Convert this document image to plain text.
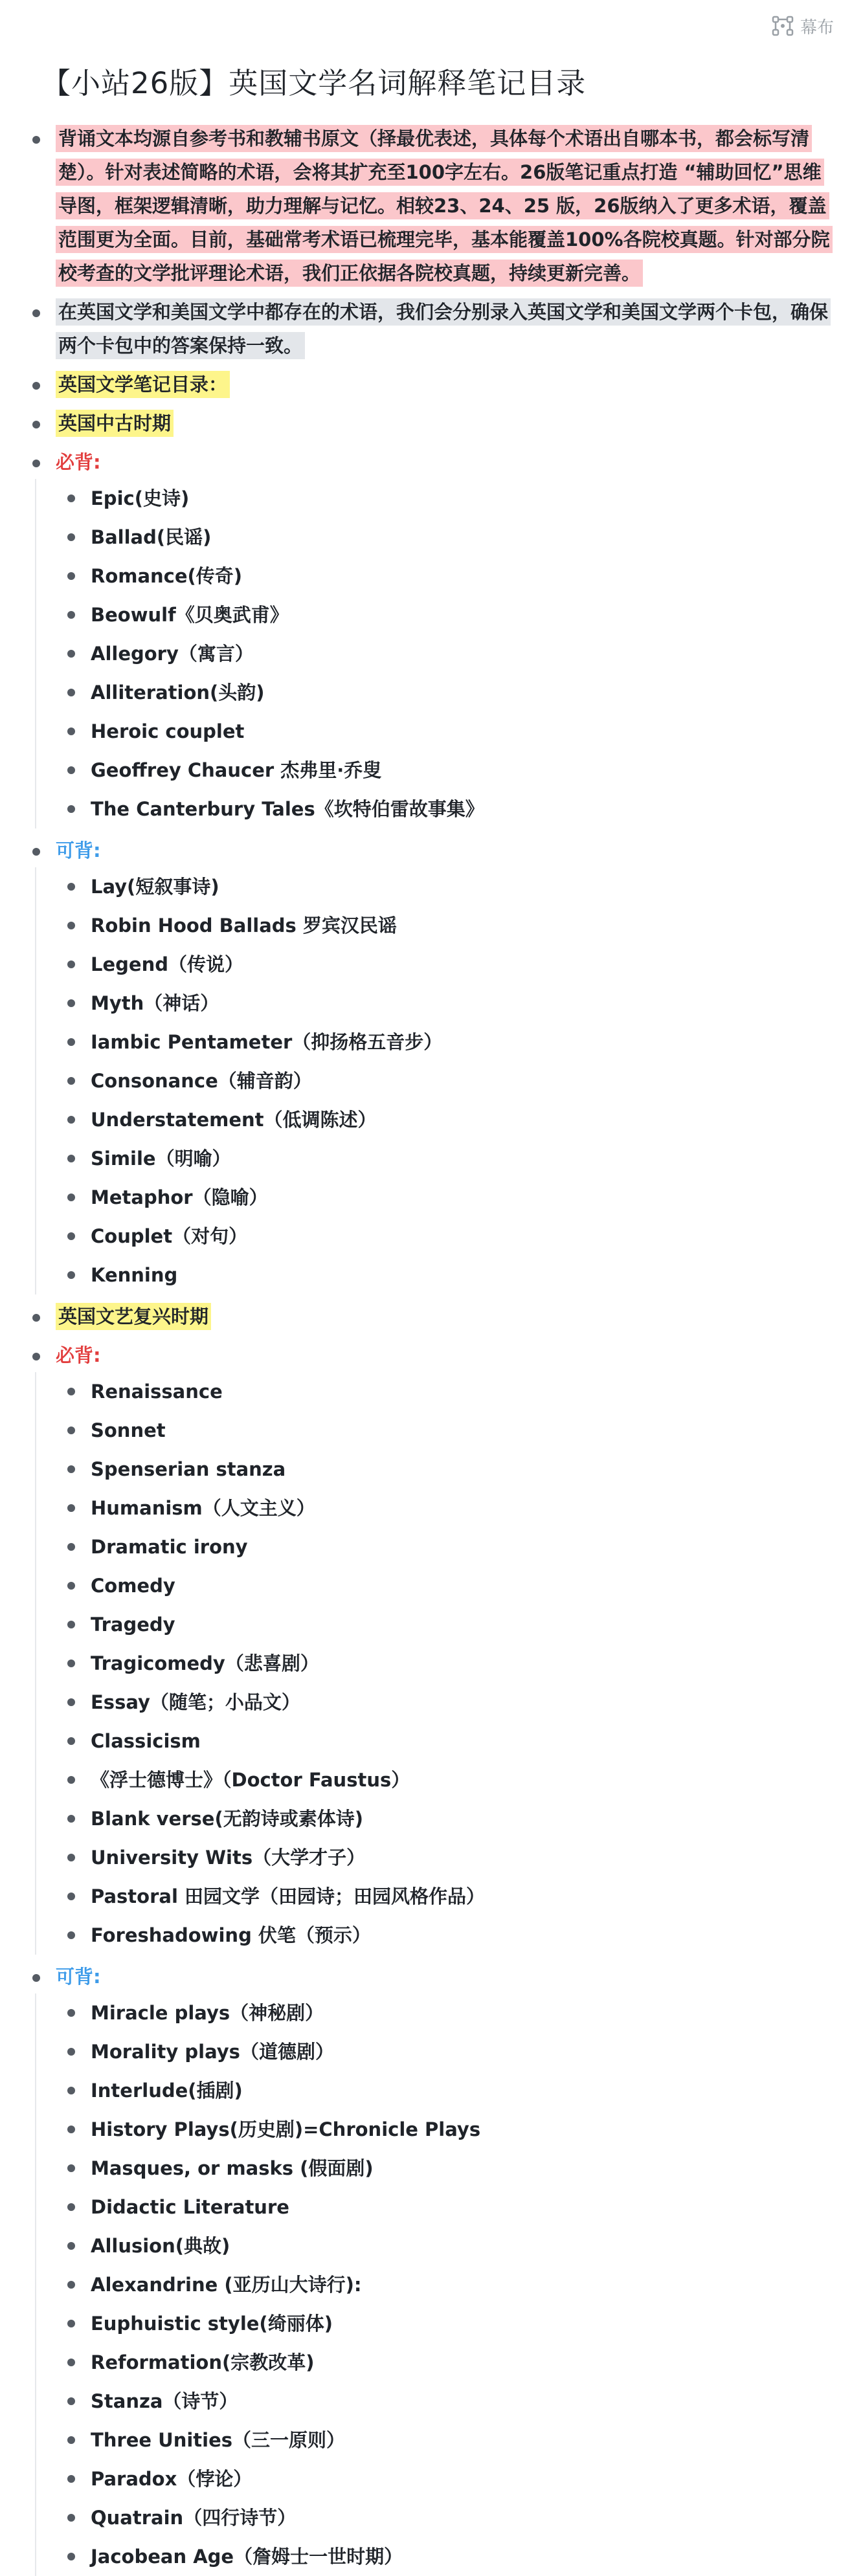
幕布
【小站26版】英国文学名词解释笔记目录
背诵文本均源自参考书和教辅书原文（择最优表述，具体每个术语出自哪本书，都会标写清楚）。针对表述简略的术语，会将其扩充至100字左右。26版笔记重点打造 “辅助回忆”思维导图，框架逻辑清晰，助力理解与记忆。相较23、24、25 版，26版纳入了更多术语，覆盖范围更为全面。目前，基础常考术语已梳理完毕，基本能覆盖100%各院校真题。针对部分院校考查的文学批评理论术语，我们正依据各院校真题，持续更新完善。
在英国文学和美国文学中都存在的术语，我们会分别录入英国文学和美国文学两个卡包，确保两个卡包中的答案保持一致。
英国文学笔记目录：
英国中古时期
必背:
Epic(史诗)
Ballad(民谣)
Romance(传奇)
Beowulf《贝奥武甫》
Allegory（寓言）
Alliteration(头韵)
Heroic couplet
Geoffrey Chaucer 杰弗里·乔叟
The Canterbury Tales《坎特伯雷故事集》
可背:
Lay(短叙事诗)
Robin Hood Ballads 罗宾汉民谣
Legend（传说）
Myth（神话）
Iambic Pentameter（抑扬格五音步）
Consonance（辅音韵）
Understatement（低调陈述）
Simile（明喻）
Metaphor（隐喻）
Couplet（对句）
Kenning
英国文艺复兴时期
必背:
Renaissance
Sonnet
Spenserian stanza
Humanism（人文主义）
Dramatic irony
Comedy
Tragedy
Tragicomedy（悲喜剧）
Essay（随笔；小品文）
Classicism
《浮士德博士》（Doctor Faustus）
Blank verse(无韵诗或素体诗)
University Wits（大学才子）
Pastoral 田园文学（田园诗；田园风格作品）
Foreshadowing 伏笔（预示）
可背:
Miracle plays（神秘剧）
Morality plays（道德剧）
Interlude(插剧)
History Plays(历史剧)=Chronicle Plays
Masques, or masks (假面剧)
Didactic Literature
Allusion(典故)
Alexandrine (亚历山大诗行):
Euphuistic style(绮丽体)
Reformation(宗教改革)
Stanza（诗节）
Three Unities（三一原则）
Paradox（悖论）
Quatrain（四行诗节）
Jacobean Age（詹姆士一世时期）
